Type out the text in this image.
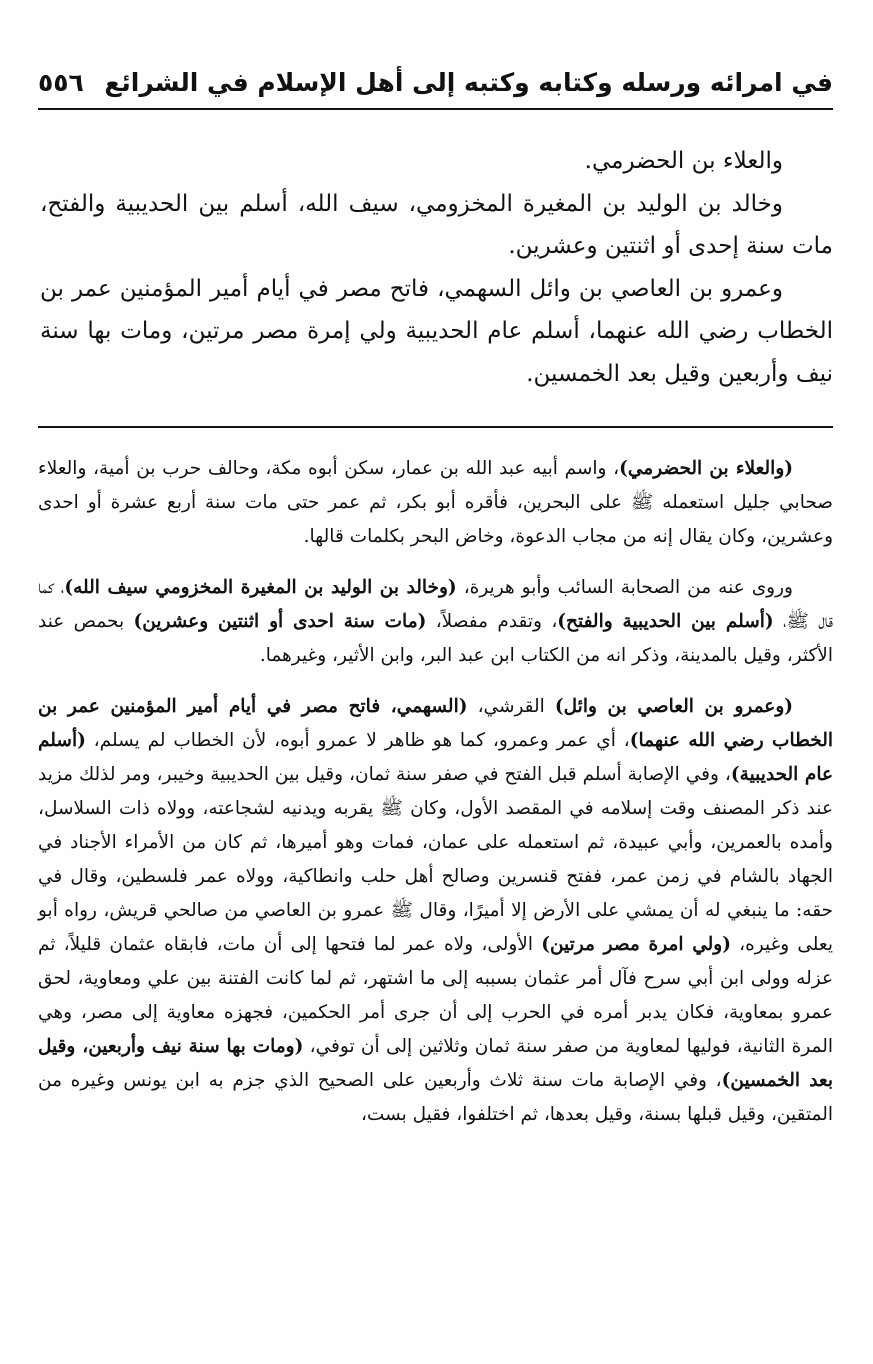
في امرائه ورسله وكتابه وكتبه إلى أهل الإسلام في الشرائع
٥٥٦

والعلاء بن الحضرمي.

وخالد بن الوليد بن المغيرة المخزومي، سيف الله، أسلم بين الحديبية والفتح، مات سنة إحدى أو اثنتين وعشرين.

وعمرو بن العاصي بن وائل السهمي، فاتح مصر في أيام أمير المؤمنين عمر بن الخطاب رضي الله عنهما، أسلم عام الحديبية ولي إمرة مصر مرتين، ومات بها سنة نيف وأربعين وقيل بعد الخمسين.

(والعلاء بن الحضرمي)، واسم أبيه عبد الله بن عمار، سكن أبوه مكة، وحالف حرب بن أمية، والعلاء صحابي جليل استعمله ﷺ على البحرين، فأقره أبو بكر، ثم عمر حتى مات سنة أربع عشرة أو احدى وعشرين، وكان يقال إنه من مجاب الدعوة، وخاض البحر بكلمات قالها.

وروى عنه من الصحابة السائب وأبو هريرة، (وخالد بن الوليد بن المغيرة المخزومي سيف الله)، كما قال ﷺ، (أسلم بين الحديبية والفتح)، وتقدم مفصلاً، (مات سنة احدى أو اثنتين وعشرين) بحمص عند الأكثر، وقيل بالمدينة، وذكر انه من الكتاب ابن عبد البر، وابن الأثير، وغيرهما.

(وعمرو بن العاصي بن وائل) القرشي، (السهمي، فاتح مصر في أيام أمير المؤمنين عمر بن الخطاب رضي الله عنهما)، أي عمر وعمرو، كما هو ظاهر لا عمرو أبوه، لأن الخطاب لم يسلم، (أسلم عام الحديبية)، وفي الإصابة أسلم قبل الفتح في صفر سنة ثمان، وقيل بين الحديبية وخيبر، ومر لذلك مزيد عند ذكر المصنف وقت إسلامه في المقصد الأول، وكان ﷺ يقربه ويدنيه لشجاعته، وولاه ذات السلاسل، وأمده بالعمرين، وأبي عبيدة، ثم استعمله على عمان، فمات وهو أميرها، ثم كان من الأمراء الأجناد في الجهاد بالشام في زمن عمر، ففتح قنسرين وصالح أهل حلب وانطاكية، وولاه عمر فلسطين، وقال في حقه: ما ينبغي له أن يمشي على الأرض إلا أميرًا، وقال ﷺ عمرو بن العاصي من صالحي قريش، رواه أبو يعلى وغيره، (ولي امرة مصر مرتين) الأولى، ولاه عمر لما فتحها إلى أن مات، فابقاه عثمان قليلاً، ثم عزله وولى ابن أبي سرح فآل أمر عثمان بسببه إلى ما اشتهر، ثم لما كانت الفتنة بين علي ومعاوية، لحق عمرو بمعاوية، فكان يدبر أمره في الحرب إلى أن جرى أمر الحكمين، فجهزه معاوية إلى مصر، وهي المرة الثانية، فوليها لمعاوية من صفر سنة ثمان وثلاثين إلى أن توفي، (ومات بها سنة نيف وأربعين، وقيل بعد الخمسين)، وفي الإصابة مات سنة ثلاث وأربعين على الصحيح الذي جزم به ابن يونس وغيره من المتقين، وقيل قبلها بسنة، وقيل بعدها، ثم اختلفوا، فقيل بست،
